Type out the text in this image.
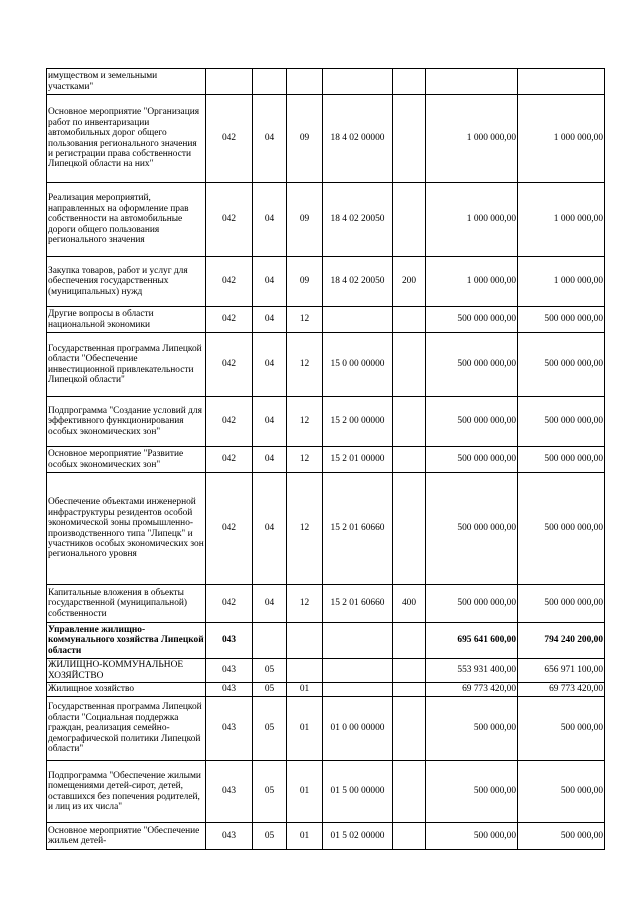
имуществом и земельными участками"							
Основное мероприятие "Организация работ по инвентаризации автомобильных дорог общего пользования регионального значения и регистрации права собственности Липецкой области на них"	042	04	09	18 4 02 00000		1 000 000,00	1 000 000,00
Реализация мероприятий, направленных на оформление прав собственности на автомобильные дороги общего пользования регионального значения	042	04	09	18 4 02 20050		1 000 000,00	1 000 000,00
Закупка товаров, работ и услуг для обеспечения государственных (муниципальных) нужд	042	04	09	18 4 02 20050	200	1 000 000,00	1 000 000,00
Другие вопросы в области национальной экономики	042	04	12			500 000 000,00	500 000 000,00
Государственная программа Липецкой области "Обеспечение инвестиционной привлекательности Липецкой области"	042	04	12	15 0 00 00000		500 000 000,00	500 000 000,00
Подпрограмма "Создание условий для эффективного функционирования особых экономических зон"	042	04	12	15 2 00 00000		500 000 000,00	500 000 000,00
Основное мероприятие "Развитие особых экономических зон"	042	04	12	15 2 01 00000		500 000 000,00	500 000 000,00
Обеспечение объектами инженерной инфраструктуры резидентов особой экономической зоны промышленно-производственного типа "Липецк" и участников особых экономических зон регионального уровня	042	04	12	15 2 01 60660		500 000 000,00	500 000 000,00
Капитальные вложения в объекты государственной (муниципальной) собственности	042	04	12	15 2 01 60660	400	500 000 000,00	500 000 000,00
Управление жилищно-коммунального хозяйства Липецкой области	043					695 641 600,00	794 240 200,00
ЖИЛИЩНО-КОММУНАЛЬНОЕ ХОЗЯЙСТВО	043	05				553 931 400,00	656 971 100,00
Жилищное хозяйство	043	05	01			69 773 420,00	69 773 420,00
Государственная программа Липецкой области "Социальная поддержка граждан, реализация семейно-демографической политики Липецкой области"	043	05	01	01 0 00 00000		500 000,00	500 000,00
Подпрограмма "Обеспечение жилыми помещениями детей-сирот, детей, оставшихся без попечения родителей, и лиц из их числа"	043	05	01	01 5 00 00000		500 000,00	500 000,00
Основное мероприятие "Обеспечение жильем детей-	043	05	01	01 5 02 00000		500 000,00	500 000,00
